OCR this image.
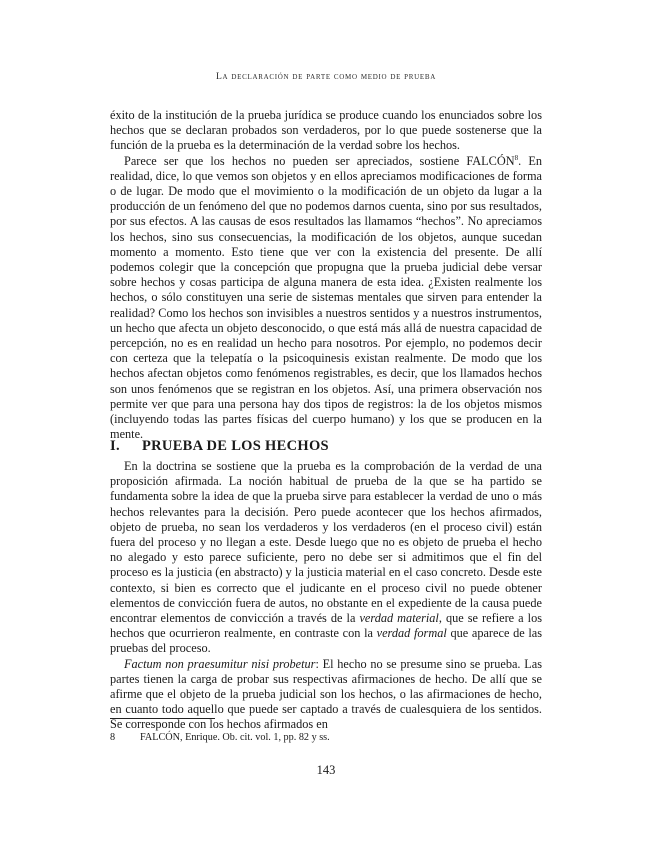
La declaración de parte como medio de prueba

éxito de la institución de la prueba jurídica se produce cuando los enunciados sobre los hechos que se declaran probados son verdaderos, por lo que puede sostenerse que la función de la prueba es la determinación de la verdad sobre los hechos.

Parece ser que los hechos no pueden ser apreciados, sostiene FALCÓN$^8$. En realidad, dice, lo que vemos son objetos y en ellos apreciamos modificaciones de forma o de lugar. De modo que el movimiento o la modificación de un objeto da lugar a la producción de un fenómeno del que no podemos darnos cuenta, sino por sus resultados, por sus efectos. A las causas de esos resultados las llamamos “hechos”. No apreciamos los hechos, sino sus consecuencias, la modificación de los objetos, aunque sucedan momento a momento. Esto tiene que ver con la existencia del presente. De allí podemos colegir que la concepción que propugna que la prueba judicial debe versar sobre hechos y cosas participa de alguna manera de esta idea. ¿Existen realmente los hechos, o sólo constituyen una serie de sistemas mentales que sirven para entender la realidad? Como los hechos son invisibles a nuestros sentidos y a nuestros instrumentos, un hecho que afecta un objeto desconocido, o que está más allá de nuestra capacidad de percepción, no es en realidad un hecho para nosotros. Por ejemplo, no podemos decir con certeza que la telepatía o la psicoquinesis existan realmente. De modo que los hechos afectan objetos como fenómenos registrables, es decir, que los llamados hechos son unos fenómenos que se registran en los objetos. Así, una primera observación nos permite ver que para una persona hay dos tipos de registros: la de los objetos mismos (incluyendo todas las partes físicas del cuerpo humano) y los que se producen en la mente.

I. PRUEBA DE LOS HECHOS

En la doctrina se sostiene que la prueba es la comprobación de la verdad de una proposición afirmada. La noción habitual de prueba de la que se ha partido se fundamenta sobre la idea de que la prueba sirve para establecer la verdad de uno o más hechos relevantes para la decisión. Pero puede acontecer que los hechos afirmados, objeto de prueba, no sean los verdaderos y los verdaderos (en el proceso civil) están fuera del proceso y no llegan a este. Desde luego que no es objeto de prueba el hecho no alegado y esto parece suficiente, pero no debe ser si admitimos que el fin del proceso es la justicia (en abstracto) y la justicia material en el caso concreto. Desde este contexto, si bien es correcto que el judicante en el proceso civil no puede obtener elementos de convicción fuera de autos, no obstante en el expediente de la causa puede encontrar elementos de convicción a través de la verdad material, que se refiere a los hechos que ocurrieron realmente, en contraste con la verdad formal que aparece de las pruebas del proceso.

Factum non praesumitur nisi probetur: El hecho no se presume sino se prueba. Las partes tienen la carga de probar sus respectivas afirmaciones de hecho. De allí que se afirme que el objeto de la prueba judicial son los hechos, o las afirmaciones de hecho, en cuanto todo aquello que puede ser captado a través de cualesquiera de los sentidos. Se corresponde con los hechos afirmados en

8 FALCÓN, Enrique. Ob. cit. vol. 1, pp. 82 y ss.
143
